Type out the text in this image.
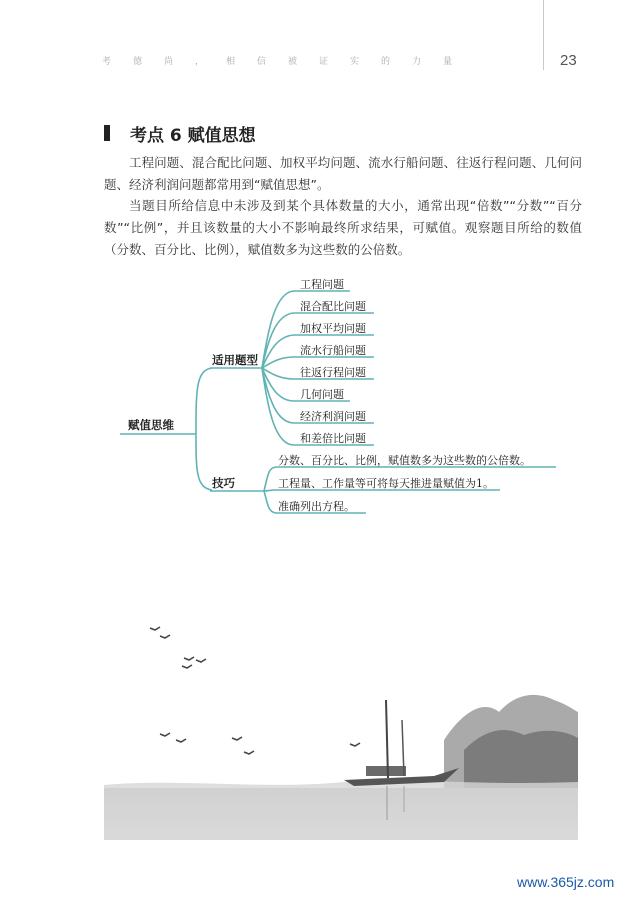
考德尚，相信被证实的力量	23
考点 6 赋值思想

工程问题、混合配比问题、加权平均问题、流水行船问题、往返行程问题、几何问题、经济利润问题都常用到“赋值思想”。

当题目所给信息中未涉及到某个具体数量的大小，通常出现“倍数”“分数”“百分数”“比例”，并且该数量的大小不影响最终所求结果，可赋值。观察题目所给的数值（分数、百分比、比例），赋值数多为这些数的公倍数。

赋值思维
适用题型
技巧
工程问题
混合配比问题
加权平均问题
流水行船问题
往返行程问题
几何问题
经济利润问题
和差倍比问题
分数、百分比、比例，赋值数多为这些数的公倍数。
工程量、工作量等可将每天推进量赋值为1。
准确列出方程。
www.365jz.com
